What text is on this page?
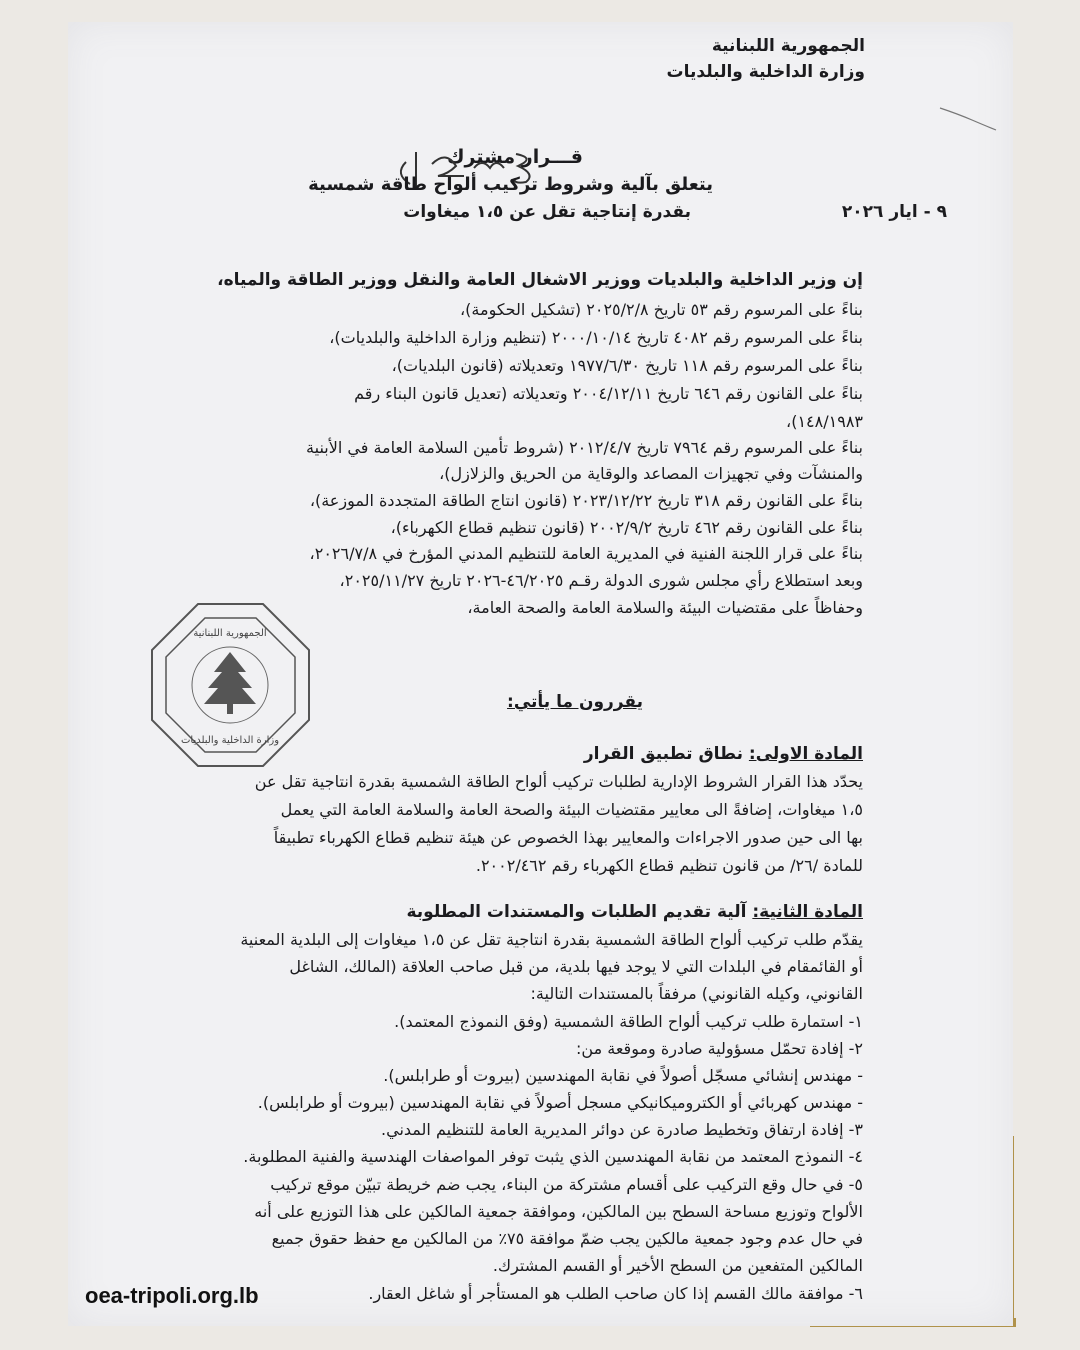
الجمهورية اللبنانية
وزارة الداخلية والبلديات
قـــرار مشترك
يتعلق بآلية وشروط تركيب ألواح طاقة شمسية
بقدرة إنتاجية تقل عن ١،٥ ميغاوات	٩ - ايار ٢٠٢٦
إن وزير الداخلية والبلديات ووزير الاشغال العامة والنقل ووزير الطاقة والمياه،
بناءً على المرسوم رقم ٥٣ تاريخ ٢٠٢٥/٢/٨ (تشكيل الحكومة)،
بناءً على المرسوم رقم ٤٠٨٢ تاريخ ٢٠٠٠/١٠/١٤ (تنظيم وزارة الداخلية والبلديات)،
بناءً على المرسوم رقم ١١٨ تاريخ ١٩٧٧/٦/٣٠ وتعديلاته (قانون البلديات)،
بناءً على القانون رقم ٦٤٦ تاريخ ٢٠٠٤/١٢/١١ وتعديلاته (تعديل قانون البناء رقم
١٤٨/١٩٨٣)،
بناءً على المرسوم رقم ٧٩٦٤ تاريخ ٢٠١٢/٤/٧ (شروط تأمين السلامة العامة في الأبنية
والمنشآت وفي تجهيزات المصاعد والوقاية من الحريق والزلازل)،
بناءً على القانون رقم ٣١٨ تاريخ ٢٠٢٣/١٢/٢٢ (قانون انتاج الطاقة المتجددة الموزعة)،
بناءً على القانون رقم ٤٦٢ تاريخ ٢٠٠٢/٩/٢ (قانون تنظيم قطاع الكهرباء)،
بناءً على قرار اللجنة الفنية في المديرية العامة للتنظيم المدني المؤرخ في ٢٠٢٦/٧/٨،
وبعد استطلاع رأي مجلس شورى الدولة رقـم ٤٦/٢٠٢٥-٢٠٢٦ تاريخ ٢٠٢٥/١١/٢٧،
وحفاظاً على مقتضيات البيئة والسلامة العامة والصحة العامة،
الجمهورية اللبنانية
وزارة الداخلية والبلديات
يقررون ما يأتي:
المادة الاولى: نطاق تطبيق القرار
يحدّد هذا القرار الشروط الإدارية لطلبات تركيب ألواح الطاقة الشمسية بقدرة انتاجية تقل عن
١،٥ ميغاوات، إضافةً الى معايير مقتضيات البيئة والصحة العامة والسلامة العامة التي يعمل
بها الى حين صدور الاجراءات والمعايير بهذا الخصوص عن هيئة تنظيم قطاع الكهرباء تطبيقاً
للمادة /٢٦/ من قانون تنظيم قطاع الكهرباء رقم ٢٠٠٢/٤٦٢.
المادة الثانية: آلية تقديم الطلبات والمستندات المطلوبة
يقدّم طلب تركيب ألواح الطاقة الشمسية بقدرة انتاجية تقل عن ١،٥ ميغاوات إلى البلدية المعنية
أو القائمقام في البلدات التي لا يوجد فيها بلدية، من قبل صاحب العلاقة (المالك، الشاغل
القانوني، وكيله القانوني) مرفقاً بالمستندات التالية:
١- استمارة طلب تركيب ألواح الطاقة الشمسية (وفق النموذج المعتمد).
٢- إفادة تحمّل مسؤولية صادرة وموقعة من:
- مهندس إنشائي مسجّل أصولاً في نقابة المهندسين (بيروت أو طرابلس).
- مهندس كهربائي أو الكتروميكانيكي مسجل أصولاً في نقابة المهندسين (بيروت أو طرابلس).
٣- إفادة ارتفاق وتخطيط صادرة عن دوائر المديرية العامة للتنظيم المدني.
٤- النموذج المعتمد من نقابة المهندسين الذي يثبت توفر المواصفات الهندسية والفنية المطلوبة.
٥- في حال وقع التركيب على أقسام مشتركة من البناء، يجب ضم خريطة تبيّن موقع تركيب
الألواح وتوزيع مساحة السطح بين المالكين، وموافقة جمعية المالكين على هذا التوزيع على أنه
في حال عدم وجود جمعية مالكين يجب ضمّ موافقة ٧٥٪ من المالكين مع حفظ حقوق جميع
المالكين المتفعين من السطح الأخير أو القسم المشترك.
٦- موافقة مالك القسم إذا كان صاحب الطلب هو المستأجر أو شاغل العقار.
oea-tripoli.org.lb
